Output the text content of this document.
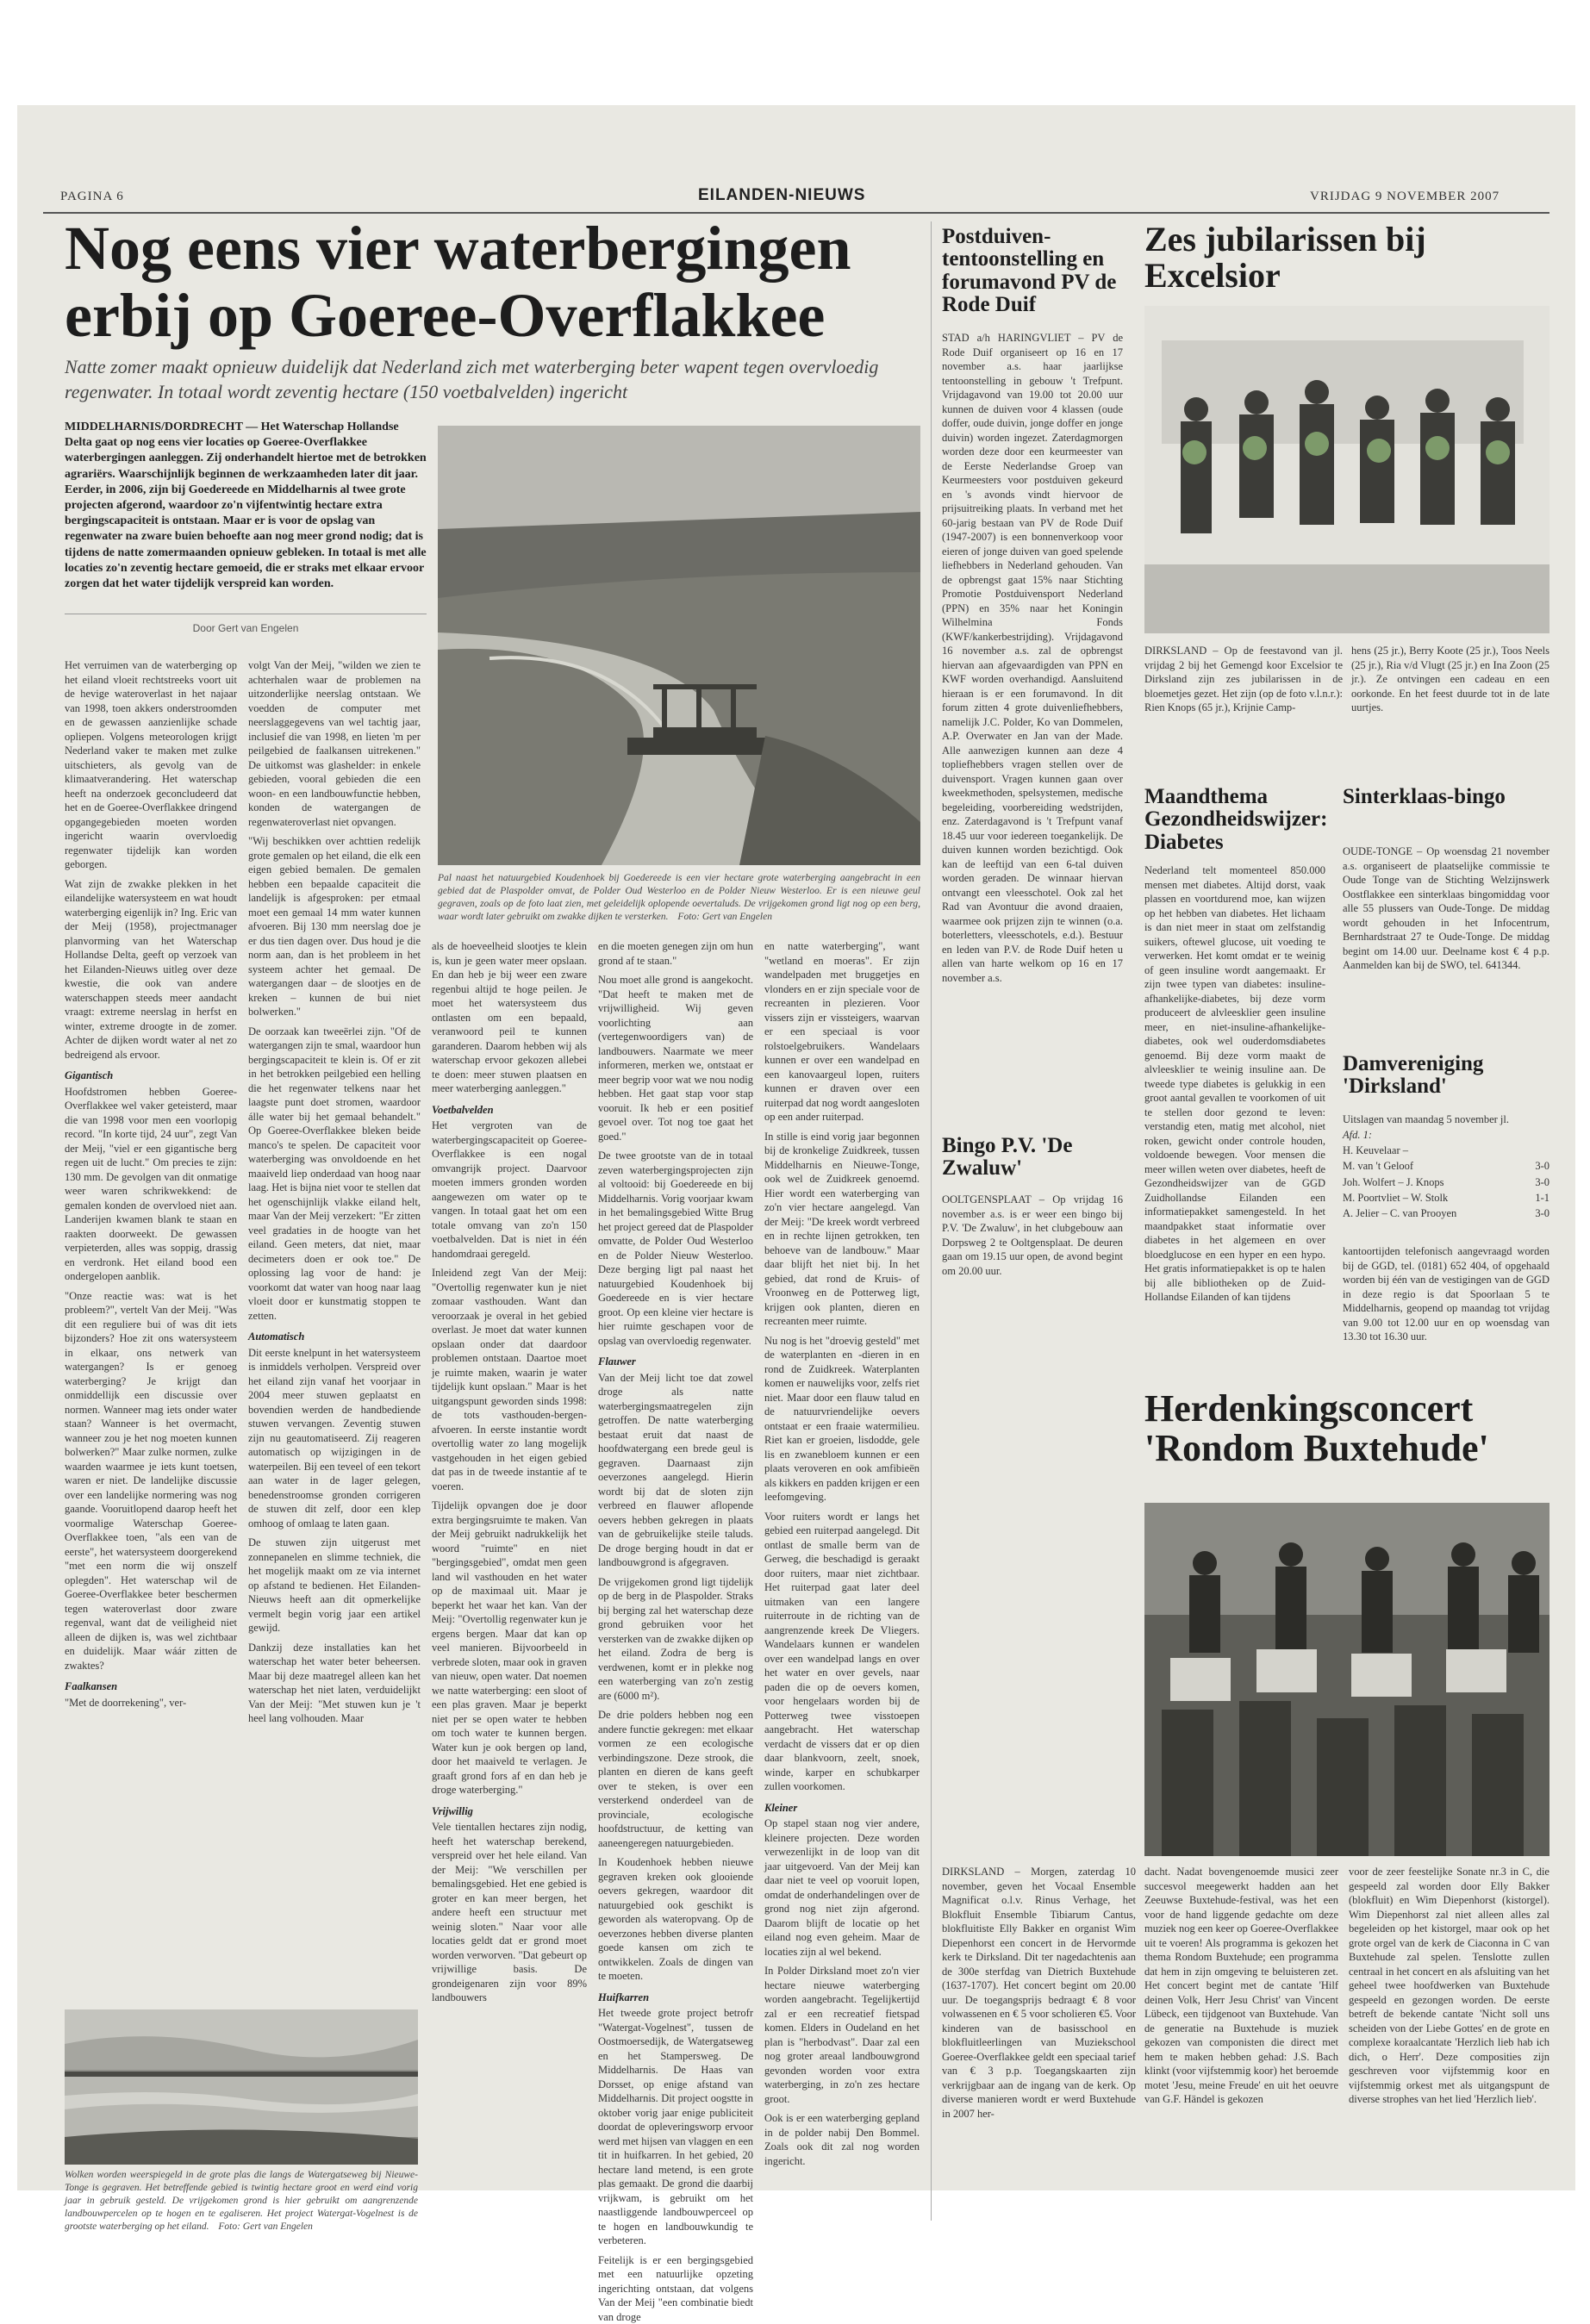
PAGINA 6	EILANDEN-NIEUWS	VRIJDAG 9 NOVEMBER 2007
Nog eens vier waterbergingen erbij op Goeree-Overflakkee

Natte zomer maakt opnieuw duidelijk dat Nederland zich met waterberging beter wapent tegen overvloedig regenwater. In totaal wordt zeventig hectare (150 voetbalvelden) ingericht

MIDDELHARNIS/DORDRECHT — Het Waterschap Hollandse Delta gaat op nog eens vier locaties op Goeree-Overflakkee waterbergingen aanleggen. Zij onderhandelt hiertoe met de betrokken agrariërs. Waarschijnlijk beginnen de werkzaamheden later dit jaar. Eerder, in 2006, zijn bij Goedereede en Middelharnis al twee grote projecten afgerond, waardoor zo'n vijfentwintig hectare extra bergingscapaciteit is ontstaan. Maar er is voor de opslag van regenwater na zware buien behoefte aan nog meer grond nodig; dat is tijdens de natte zomermaanden opnieuw gebleken. In totaal is met alle locaties zo'n zeventig hectare gemoeid, die er straks met elkaar ervoor zorgen dat het water tijdelijk verspreid kan worden.

Door Gert van Engelen
Pal naast het natuurgebied Koudenhoek bij Goedereede is een vier hectare grote waterberging aangebracht in een gebied dat de Plaspolder omvat, de Polder Oud Westerloo en de Polder Nieuw Westerloo. Er is een nieuwe geul gegraven, zoals op de foto laat zien, met geleidelijk oplopende oevertaluds. De vrijgekomen grond ligt nog op een berg, waar wordt later gebruikt om zwakke dijken te versterken. Foto: Gert van Engelen

Het verruimen van de waterberging op het eiland vloeit rechtstreeks voort uit de hevige wateroverlast in het najaar van 1998, toen akkers onderstroomden en de gewassen aanzienlijke schade opliepen. Volgens meteorologen krijgt Nederland vaker te maken met zulke uitschieters, als gevolg van de klimaatverandering. Het waterschap heeft na onderzoek geconcludeerd dat het en de Goeree-Overflakkee dringend opgangegebieden moeten worden ingericht waarin overvloedig regenwater tijdelijk kan worden geborgen.

Wat zijn de zwakke plekken in het eilandelijke watersysteem en wat houdt waterberging eigenlijk in? Ing. Eric van der Meij (1958), projectmanager planvorming van het Waterschap Hollandse Delta, geeft op verzoek van het Eilanden-Nieuws uitleg over deze kwestie, die ook van andere waterschappen steeds meer aandacht vraagt: extreme neerslag in herfst en winter, extreme droogte in de zomer. Achter de dijken wordt water al net zo bedreigend als ervoor.

Gigantisch

Hoofdstromen hebben Goeree-Overflakkee wel vaker geteisterd, maar die van 1998 voor men een voorlopig record. "In korte tijd, 24 uur", zegt Van der Meij, "viel er een gigantische berg regen uit de lucht." Om precies te zijn: 130 mm. De gevolgen van dit onmatige weer waren schrikwekkend: de gemalen konden de overvloed niet aan. Landerijen kwamen blank te staan en raakten doorweekt. De gewassen verpieterden, alles was soppig, drassig en verdronk. Het eiland bood een ondergelopen aanblik.

"Onze reactie was: wat is het probleem?", vertelt Van der Meij. "Was dit een reguliere bui of was dit iets bijzonders? Hoe zit ons watersysteem in elkaar, ons netwerk van watergangen? Is er genoeg waterberging? Je krijgt dan onmiddellijk een discussie over normen. Wanneer mag iets onder water staan? Wanneer is het overmacht, wanneer zou je het nog moeten kunnen bolwerken?" Maar zulke normen, zulke waarden waarmee je iets kunt toetsen, waren er niet. De landelijke discussie over een landelijke normering was nog gaande. Vooruitlopend daarop heeft het voormalige Waterschap Goeree-Overflakkee toen, "als een van de eerste", het watersysteem doorgerekend "met een norm die wij onszelf oplegden". Het waterschap wil de Goeree-Overflakkee beter beschermen tegen wateroverlast door zware regenval, want dat de veiligheid niet alleen de dijken is, was wel zichtbaar en duidelijk. Maar wáár zitten de zwaktes?

Faalkansen

"Met de doorrekening", ver-

volgt Van der Meij, "wilden we zien te achterhalen waar de problemen na uitzonderlijke neerslag ontstaan. We voedden de computer met neerslaggegevens van wel tachtig jaar, inclusief die van 1998, en lieten 'm per peilgebied de faalkansen uitrekenen." De uitkomst was glashelder: in enkele gebieden, vooral gebieden die een woon- en een landbouwfunctie hebben, konden de watergangen de regenwateroverlast niet opvangen.

"Wij beschikken over achttien redelijk grote gemalen op het eiland, die elk een eigen gebied bemalen. De gemalen hebben een bepaalde capaciteit die landelijk is afgesproken: per etmaal moet een gemaal 14 mm water kunnen afvoeren. Bij 130 mm neerslag doe je er dus tien dagen over. Dus houd je die norm aan, dan is het probleem in het systeem achter het gemaal. De watergangen daar – de slootjes en de kreken – kunnen de bui niet bolwerken."

De oorzaak kan tweeërlei zijn. "Of de watergangen zijn te smal, waardoor hun bergingscapaciteit te klein is. Of er zit in het betrokken peilgebied een helling die het regenwater telkens naar het laagste punt doet stromen, waardoor álle water bij het gemaal behandelt." Op Goeree-Overflakkee bleken beide manco's te spelen. De capaciteit voor waterberging was onvoldoende en het maaiveld liep onderdaad van hoog naar laag. Het is bijna niet voor te stellen dat het ogenschijnlijk vlakke eiland helt, maar Van der Meij verzekert: "Er zitten veel gradaties in de hoogte van het eiland. Geen meters, dat niet, maar decimeters doen er ook toe." De oplossing lag voor de hand: je voorkomt dat water van hoog naar laag vloeit door er kunstmatig stoppen te zetten.

Automatisch

Dit eerste knelpunt in het watersysteem is inmiddels verholpen. Verspreid over het eiland zijn vanaf het voorjaar in 2004 meer stuwen geplaatst en bovendien werden de handbediende stuwen vervangen. Zeventig stuwen zijn nu geautomatiseerd. Zij reageren automatisch op wijzigingen in de waterpeilen. Bij een teveel of een tekort aan water in de lager gelegen, benedenstroomse gronden corrigeren de stuwen dit zelf, door een klep omhoog of omlaag te laten gaan.

De stuwen zijn uitgerust met zonnepanelen en slimme techniek, die het mogelijk maakt om ze via internet op afstand te bedienen. Het Eilanden-Nieuws heeft aan dit opmerkelijke vermelt begin vorig jaar een artikel gewijd.

Dankzij deze installaties kan het waterschap het water beter beheersen. Maar bij deze maatregel alleen kan het waterschap het niet laten, verduidelijkt Van der Meij: "Met stuwen kun je 't heel lang volhouden. Maar

als de hoeveelheid slootjes te klein is, kun je geen water meer opslaan. En dan heb je bij weer een zware regenbui altijd te hoge peilen. Je moet het watersysteem dus ontlasten om een bepaald, veranwoord peil te kunnen garanderen. Daarom hebben wij als waterschap ervoor gekozen allebei te doen: meer stuwen plaatsen en meer waterberging aanleggen."

Voetbalvelden

Het vergroten van de waterbergingscapaciteit op Goeree-Overflakkee is een nogal omvangrijk project. Daarvoor moeten immers gronden worden aangewezen om water op te vangen. In totaal gaat het om een totale omvang van zo'n 150 voetbalvelden. Dat is niet in één handomdraai geregeld.

Inleidend zegt Van der Meij: "Overtollig regenwater kun je niet zomaar vasthouden. Want dan veroorzaak je overal in het gebied overlast. Je moet dat water kunnen opslaan onder dat daardoor problemen ontstaan. Daartoe moet je ruimte maken, waarin je water tijdelijk kunt opslaan." Maar is het uitgangspunt geworden sinds 1998: de tots vasthouden-bergen-afvoeren. In eerste instantie wordt overtollig water zo lang mogelijk vastgehouden in het eigen gebied dat pas in de tweede instantie af te voeren.

Tijdelijk opvangen doe je door extra bergingsruimte te maken. Van der Meij gebruikt nadrukkelijk het woord "ruimte" en niet "bergingsgebied", omdat men geen land wil vasthouden en het water op de maximaal uit. Maar je beperkt het waar het kan. Van der Meij: "Overtollig regenwater kun je ergens bergen. Maar dat kan op veel manieren. Bijvoorbeeld in verbrede sloten, maar ook in graven van nieuw, open water. Dat noemen we natte waterberging: een sloot of een plas graven. Maar je beperkt niet per se open water te hebben om toch water te kunnen bergen. Water kun je ook bergen op land, door het maaiveld te verlagen. Je graaft grond fors af en dan heb je droge waterberging."

Vrijwillig

Vele tientallen hectares zijn nodig, heeft het waterschap berekend, verspreid over het hele eiland. Van der Meij: "We verschillen per bemalingsgebied. Het ene gebied is groter en kan meer bergen, het andere heeft een structuur met weinig sloten." Naar voor alle locaties geldt dat er grond moet worden verworven. "Dat gebeurt op vrijwillige basis. De grondeigenaren zijn voor 89% landbouwers

en die moeten genegen zijn om hun grond af te staan."

Nou moet alle grond is aangekocht. "Dat heeft te maken met de vrijwilligheid. Wij geven voorlichting aan (vertegenwoordigers van) de landbouwers. Naarmate we meer informeren, merken we, ontstaat er meer begrip voor wat we nou nodig hebben. Het gaat stap voor stap vooruit. Ik heb er een positief gevoel over. Tot nog toe gaat het goed."

De twee grootste van de in totaal zeven waterbergingsprojecten zijn al voltooid: bij Goedereede en bij Middelharnis. Vorig voorjaar kwam in het bemalingsgebied Witte Brug het project gereed dat de Plaspolder omvatte, de Polder Oud Westerloo en de Polder Nieuw Westerloo. Deze berging ligt pal naast het natuurgebied Koudenhoek bij Goedereede en is vier hectare groot. Op een kleine vier hectare is hier ruimte geschapen voor de opslag van overvloedig regenwater.

Flauwer

Van der Meij licht toe dat zowel droge als natte waterbergingsmaatregelen zijn getroffen. De natte waterberging bestaat eruit dat naast de hoofdwatergang een brede geul is gegraven. Daarnaast zijn oeverzones aangelegd. Hierin wordt bij dat de sloten zijn verbreed en flauwer aflopende oevers hebben gekregen in plaats van de gebruikelijke steile taluds. De droge berging houdt in dat er landbouwgrond is afgegraven.

De vrijgekomen grond ligt tijdelijk op de berg in de Plaspolder. Straks bij berging zal het waterschap deze grond gebruiken voor het versterken van de zwakke dijken op het eiland. Zodra de berg is verdwenen, komt er in plekke nog een waterberging van zo'n zestig are (6000 m²).

De drie polders hebben nog een andere functie gekregen: met elkaar vormen ze een ecologische verbindingszone. Deze strook, die planten en dieren de kans geeft over te steken, is over een versterkend onderdeel van de provinciale, ecologische hoofdstructuur, de ketting van aaneengeregen natuurgebieden.

In Koudenhoek hebben nieuwe gegraven kreken ook glooiende oevers gekregen, waardoor dit natuurgebied ook geschikt is geworden als wateropvang. Op de oeverzones hebben diverse planten goede kansen om zich te ontwikkelen. Zoals de dingen van te moeten.

Huifkarren

Het tweede grote project betrofr "Watergat-Vogelnest", tussen de Oostmoersedijk, de Watergatseweg en het Stampersweg. De Middelharnis. De Haas van Dorsset, op enige afstand van Middelharnis. Dit project oogstte in oktober vorig jaar enige publiciteit doordat de opleveringsworp ervoor werd met hijsen van vlaggen en een tit in huifkarren. In het gebied, 20 hectare land metend, is een grote plas gemaakt. De grond die daarbij vrijkwam, is gebruikt om het naastliggende landbouwperceel op te hogen en landbouwkundig te verbeteren.

Feitelijk is er een bergingsgebied met een natuurlijke opzeting ingerichting ontstaan, dat volgens Van der Meij "een combinatie biedt van droge

en natte waterberging", want "wetland en moeras". Er zijn wandelpaden met bruggetjes en vlonders en er zijn speciale voor de recreanten in plezieren. Voor vissers zijn er vissteigers, waarvan er een speciaal is voor rolstoelgebruikers. Wandelaars kunnen er over een wandelpad en een kanovaargeul lopen, ruiters kunnen er draven over een ruiterpad dat nog wordt aangesloten op een ander ruiterpad.

In stille is eind vorig jaar begonnen bij de kronkelige Zuidkreek, tussen Middelharnis en Nieuwe-Tonge, ook wel de Zuidkreek genoemd. Hier wordt een waterberging van zo'n vier hectare aangelegd. Van der Meij: "De kreek wordt verbreed en in rechte lijnen getrokken, ten behoeve van de landbouw." Maar daar blijft het niet bij. In het gebied, dat rond de Kruis- of Vroonweg en de Potterweg ligt, krijgen ook planten, dieren en recreanten meer ruimte.

Nu nog is het "droevig gesteld" met de waterplanten en -dieren in en rond de Zuidkreek. Waterplanten komen er nauwelijks voor, zelfs riet niet. Maar door een flauw talud en de natuurvriendelijke oevers ontstaat er een fraaie watermilieu. Riet kan er groeien, lisdodde, gele lis en zwanebloem kunnen er een plaats veroveren en ook amfibieën als kikkers en padden krijgen er een leefomgeving.

Voor ruiters wordt er langs het gebied een ruiterpad aangelegd. Dit ontlast de smalle berm van de Gerweg, die beschadigd is geraakt door ruiters, maar niet zichtbaar. Het ruiterpad gaat later deel uitmaken van een langere ruiterroute in de richting van de aangrenzende kreek De Vliegers. Wandelaars kunnen er wandelen over een wandelpad langs en over het water en over gevels, naar paden die op de oevers komen, voor hengelaars worden bij de Potterweg twee visstoepen aangebracht. Het waterschap verdacht de vissers dat er op dien daar blankvoorn, zeelt, snoek, winde, karper en schubkarper zullen voorkomen.

Kleiner

Op stapel staan nog vier andere, kleinere projecten. Deze worden verwezenlijkt in de loop van dit jaar uitgevoerd. Van der Meij kan daar niet te veel op vooruit lopen, omdat de onderhandelingen over de grond nog niet zijn afgerond. Daarom blijft de locatie op het eiland nog even geheim. Maar de locaties zijn al wel bekend.

In Polder Dirksland moet zo'n vier hectare nieuwe waterberging worden aangebracht. Tegelijkertijd zal er een recreatief fietspad komen. Elders in Oudeland en het plan is "herbodvast". Daar zal een nog groter areaal landbouwgrond gevonden worden voor extra waterberging, in zo'n zes hectare groot.

Ook is er een waterberging gepland in de polder nabij Den Bommel. Zoals ook dit zal nog worden ingericht.

Wolken worden weerspiegeld in de grote plas die langs de Watergatseweg bij Nieuwe-Tonge is gegraven. Het betreffende gebied is twintig hectare groot en werd eind vorig jaar in gebruik gesteld. De vrijgekomen grond is hier gebruikt om aangrenzende landbouwpercelen op te hogen en te egaliseren. Het project Watergat-Vogelnest is de grootste waterberging op het eiland. Foto: Gert van Engelen
Postduiven-tentoonstelling en forumavond PV de Rode Duif

STAD a/h HARINGVLIET – PV de Rode Duif organiseert op 16 en 17 november a.s. haar jaarlijkse tentoonstelling in gebouw 't Trefpunt. Vrijdagavond van 19.00 tot 20.00 uur kunnen de duiven voor 4 klassen (oude doffer, oude duivin, jonge doffer en jonge duivin) worden ingezet. Zaterdagmorgen worden deze door een keurmeester van de Eerste Nederlandse Groep van Keurmeesters voor postduiven gekeurd en 's avonds vindt hiervoor de prijsuitreiking plaats. In verband met het 60-jarig bestaan van PV de Rode Duif (1947-2007) is een bonnenverkoop voor eieren of jonge duiven van goed spelende liefhebbers in Nederland gehouden. Van de opbrengst gaat 15% naar Stichting Promotie Postduivensport Nederland (PPN) en 35% naar het Koningin Wilhelmina Fonds (KWF/kankerbestrijding). Vrijdagavond 16 november a.s. zal de opbrengst hiervan aan afgevaardigden van PPN en KWF worden overhandigd. Aansluitend hieraan is er een forumavond. In dit forum zitten 4 grote duivenliefhebbers, namelijk J.C. Polder, Ko van Dommelen, A.P. Overwater en Jan van der Made. Alle aanwezigen kunnen aan deze 4 topliefhebbers vragen stellen over de duivensport. Vragen kunnen gaan over kweekmethoden, spelsystemen, medische begeleiding, voorbereiding wedstrijden, enz. Zaterdagavond is 't Trefpunt vanaf 18.45 uur voor iedereen toegankelijk. De duiven kunnen worden bezichtigd. Ook kan de leeftijd van een 6-tal duiven worden geraden. De winnaar hiervan ontvangt een vleesschotel. Ook zal het Rad van Avontuur die avond draaien, waarmee ook prijzen zijn te winnen (o.a. boterletters, vleesschotels, e.d.). Bestuur en leden van P.V. de Rode Duif heten u allen van harte welkom op 16 en 17 november a.s.

Bingo P.V. 'De Zwaluw'

OOLTGENSPLAAT – Op vrijdag 16 november a.s. is er weer een bingo bij P.V. 'De Zwaluw', in het clubgebouw aan Dorpsweg 2 te Ooltgensplaat. De deuren gaan om 19.15 uur open, de avond begint om 20.00 uur.

Zes jubilarissen bij Excelsior

DIRKSLAND – Op de feestavond van jl. vrijdag 2 bij het Gemengd koor Excelsior te Dirksland zijn zes jubilarissen in de bloemetjes gezet. Het zijn (op de foto v.l.n.r.): Rien Knops (65 jr.), Krijnie Camp-

hens (25 jr.), Berry Koote (25 jr.), Toos Neels (25 jr.), Ria v/d Vlugt (25 jr.) en Ina Zoon (25 jr.). Ze ontvingen een cadeau en een oorkonde. En het feest duurde tot in de late uurtjes.

Maandthema Gezondheidswijzer: Diabetes

Nederland telt momenteel 850.000 mensen met diabetes. Altijd dorst, vaak plassen en voortdurend moe, kan wijzen op het hebben van diabetes. Het lichaam is dan niet meer in staat om zelfstandig suikers, oftewel glucose, uit voeding te verwerken. Het komt omdat er te weinig of geen insuline wordt aangemaakt. Er zijn twee typen van diabetes: insuline-afhankelijke-diabetes, bij deze vorm produceert de alvleesklier geen insuline meer, en niet-insuline-afhankelijke-diabetes, ook wel ouderdomsdiabetes genoemd. Bij deze vorm maakt de alvleesklier te weinig insuline aan. De tweede type diabetes is gelukkig in een groot aantal gevallen te voorkomen of uit te stellen door gezond te leven: verstandig eten, matig met alcohol, niet roken, gewicht onder controle houden, voldoende bewegen. Voor mensen die meer willen weten over diabetes, heeft de Gezondheidswijzer van de GGD Zuidhollandse Eilanden een informatiepakket samengesteld. In het maandpakket staat informatie over diabetes in het algemeen en over bloedglucose en een hyper en een hypo. Het gratis informatiepakket is op te halen bij alle bibliotheken op de Zuid-Hollandse Eilanden of kan tijdens

Sinterklaas-bingo

OUDE-TONGE – Op woensdag 21 november a.s. organiseert de plaatselijke commissie te Oude Tonge van de Stichting Welzijnswerk Oostflakkee een sinterklaas bingomiddag voor alle 55 plussers van Oude-Tonge. De middag wordt gehouden in het Infocentrum, Bernhardstraat 27 te Oude-Tonge. De middag begint om 14.00 uur. Deelname kost € 4 p.p. Aanmelden kan bij de SWO, tel. 641344.

Damvereniging 'Dirksland'
Uitslagen van maandag 5 november jl.
Afd. 1:
H. Keuvelaar –
M. van 't Geloof	3-0
Joh. Wolfert – J. Knops	3-0
M. Poortvliet – W. Stolk	1-1
A. Jelier – C. van Prooyen	3-0

kantoortijden telefonisch aangevraagd worden bij de GGD, tel. (0181) 652 404, of opgehaald worden bij één van de vestigingen van de GGD in deze regio is dat Spoorlaan 5 te Middelharnis, geopend op maandag tot vrijdag van 9.00 tot 12.00 uur en op woensdag van 13.30 tot 16.30 uur.

Herdenkingsconcert 'Rondom Buxtehude'

DIRKSLAND – Morgen, zaterdag 10 november, geven het Vocaal Ensemble Magnificat o.l.v. Rinus Verhage, het Blokfluit Ensemble Tibiarum Cantus, blokfluitiste Elly Bakker en organist Wim Diepenhorst een concert in de Hervormde kerk te Dirksland. Dit ter nagedachtenis aan de 300e sterfdag van Dietrich Buxtehude (1637-1707). Het concert begint om 20.00 uur. De toegangsprijs bedraagt € 8 voor volwassenen en € 5 voor scholieren €5. Voor kinderen van de basisschool en blokfluitleerlingen van Muziekschool Goeree-Overflakkee geldt een speciaal tarief van € 3 p.p. Toegangskaarten zijn verkrijgbaar aan de ingang van de kerk. Op diverse manieren wordt er werd Buxtehude in 2007 her-

dacht. Nadat bovengenoemde musici zeer succesvol meegewerkt hadden aan het Zeeuwse Buxtehude-festival, was het een voor de hand liggende gedachte om deze muziek nog een keer op Goeree-Overflakkee uit te voeren! Als programma is gekozen het thema Rondom Buxtehude; een programma dat hem in zijn omgeving te beluisteren zet. Het concert begint met de cantate 'Hilf deinen Volk, Herr Jesu Christ' van Vincent Lübeck, een tijdgenoot van Buxtehude. Van de generatie na Buxtehude is muziek gekozen van componisten die direct met hem te maken hebben gehad: J.S. Bach klinkt (voor vijfstemmig koor) het beroemde motet 'Jesu, meine Freude' en uit het oeuvre van G.F. Händel is gekozen

voor de zeer feestelijke Sonate nr.3 in C, die gespeeld zal worden door Elly Bakker (blokfluit) en Wim Diepenhorst (kistorgel). Wim Diepenhorst zal niet alleen alles zal begeleiden op het kistorgel, maar ook op het grote orgel van de kerk de Ciaconna in C van Buxtehude zal spelen. Tenslotte zullen centraal in het concert en als afsluiting van het geheel twee hoofdwerken van Buxtehude gespeeld en gezongen worden. De eerste betreft de bekende cantate 'Nicht soll uns scheiden von der Liebe Gottes' en de grote en complexe koraalcantate 'Herzlich lieb hab ich dich, o Herr'. Deze composities zijn geschreven voor vijfstemmig koor en vijfstemmig orkest met als uitgangspunt de diverse strophes van het lied 'Herzlich lieb'.
